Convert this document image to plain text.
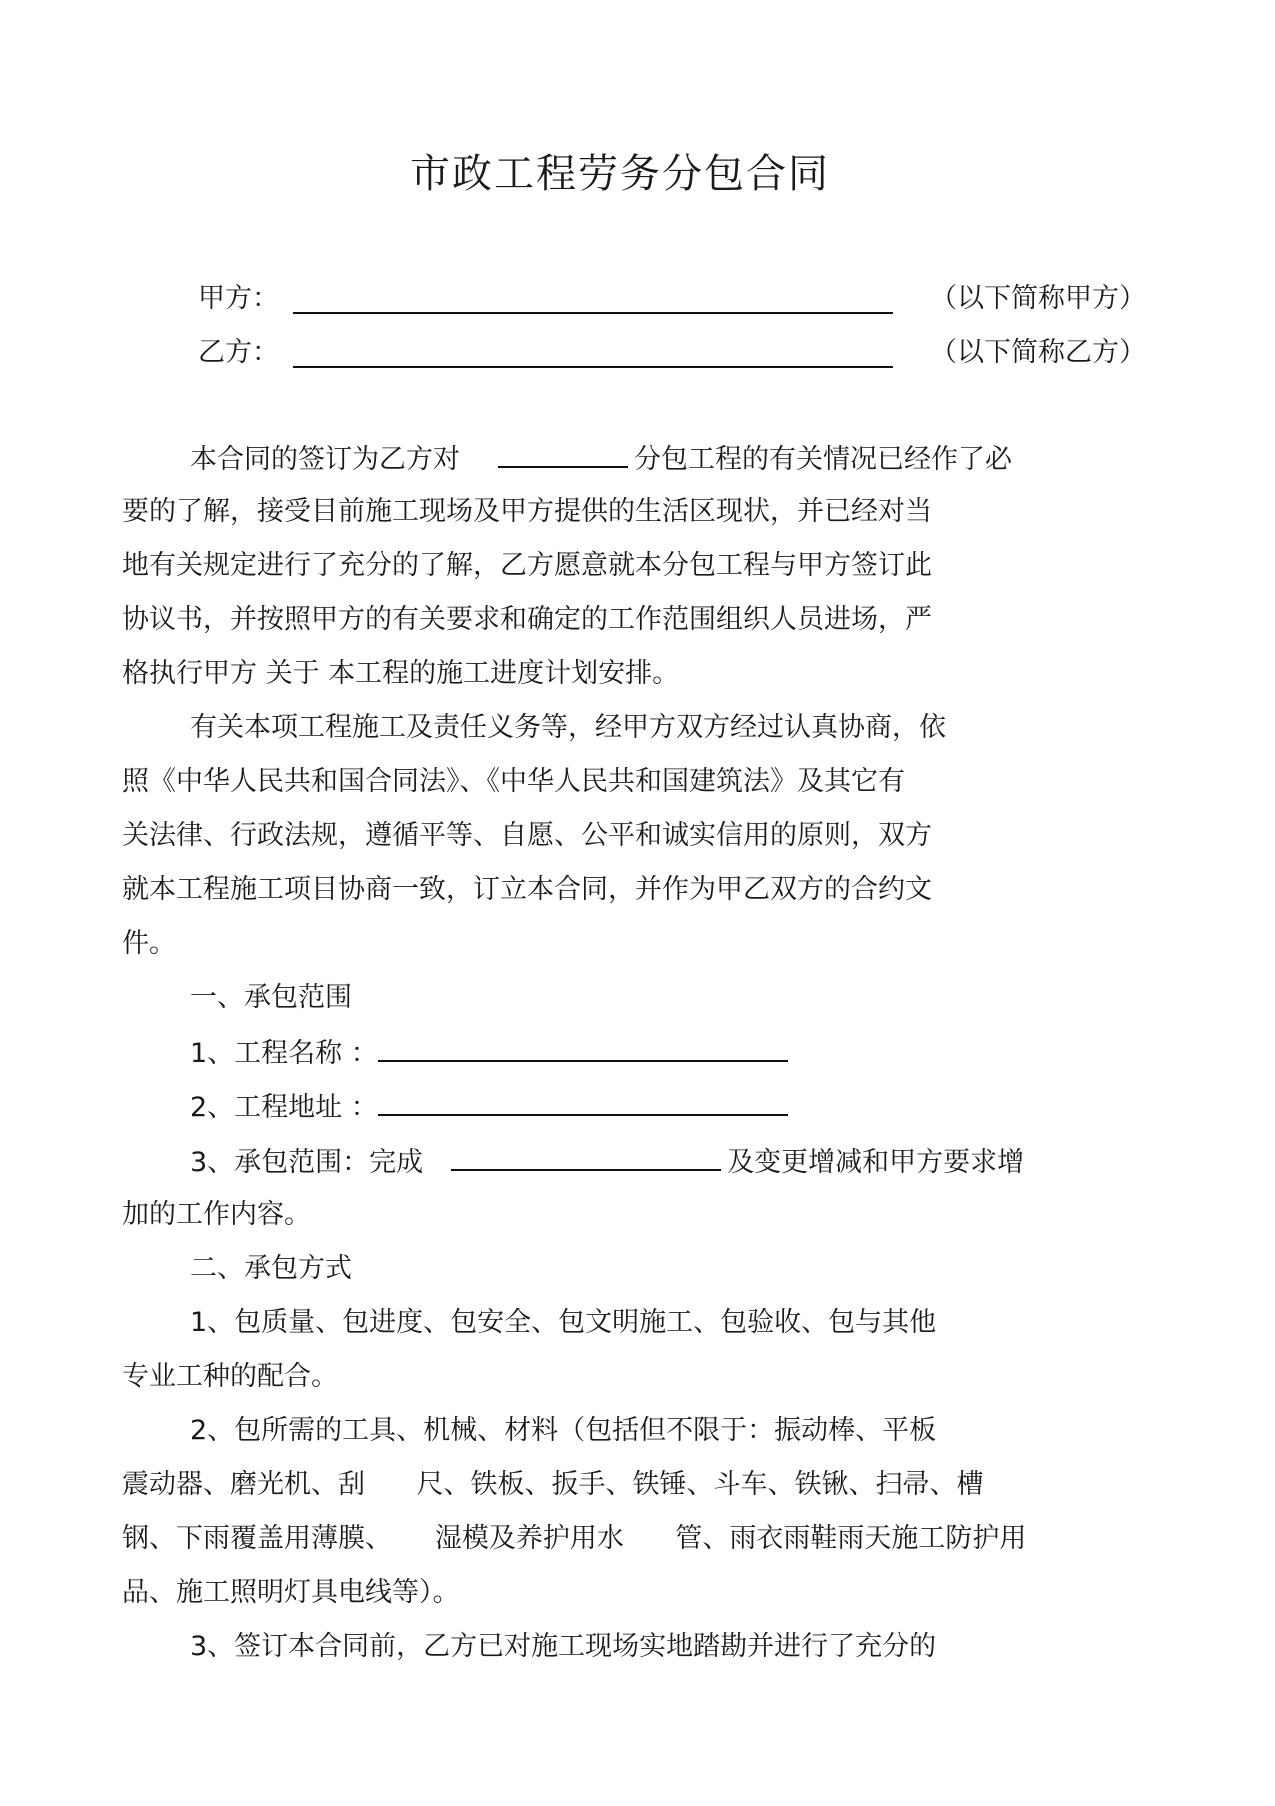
市政工程劳务分包合同
甲方：	（以下简称甲方）
乙方：	（以下简称乙方）
本合同的签订为乙方对	分包工程的有关情况已经作了必
要的了解，接受目前施工现场及甲方提供的生活区现状，并已经对当
地有关规定进行了充分的了解，乙方愿意就本分包工程与甲方签订此
协议书，并按照甲方的有关要求和确定的工作范围组织人员进场，严
格执行甲方 关于 本工程的施工进度计划安排。
有关本项工程施工及责任义务等，经甲方双方经过认真协商，依
照《中华人民共和国合同法》、《中华人民共和国建筑法》及其它有
关法律、行政法规，遵循平等、自愿、公平和诚实信用的原则，双方
就本工程施工项目协商一致，订立本合同，并作为甲乙双方的合约文
件。
一、承包范围
1、工程名称 ：
2、工程地址 ：
3、承包范围：完成	及变更增减和甲方要求增
加的工作内容。
二、承包方式
1、包质量、包进度、包安全、包文明施工、包验收、包与其他
专业工种的配合。
2、包所需的工具、机械、材料（包括但不限于：振动棒、平板
震动器、磨光机、刮      尺、铁板、扳手、铁锤、斗车、铁锹、扫帚、槽
钢、下雨覆盖用薄膜、     湿模及养护用水      管、雨衣雨鞋雨天施工防护用
品、施工照明灯具电线等）。
3、签订本合同前，乙方已对施工现场实地踏勘并进行了充分的
